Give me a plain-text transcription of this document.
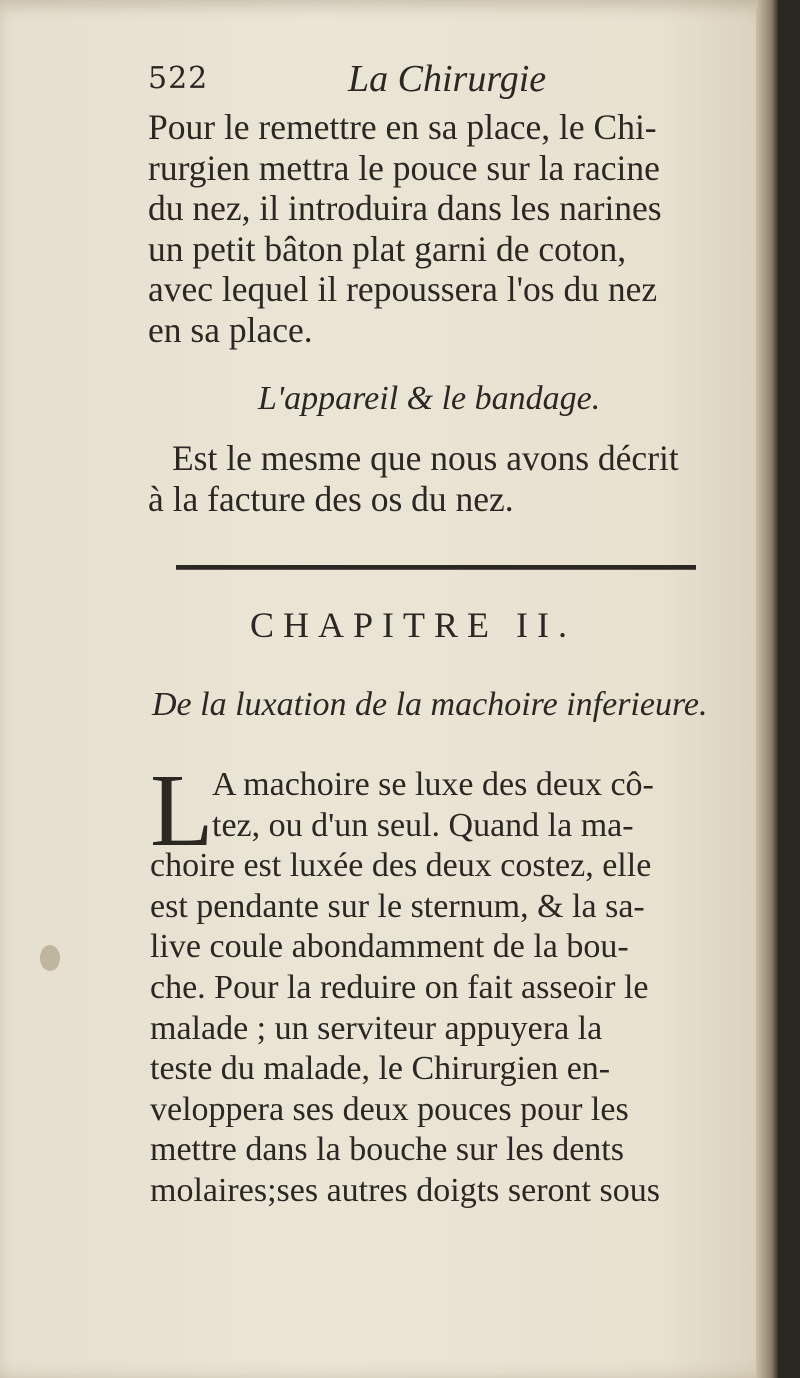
522	La Chirurgie
Pour le remettre en sa place, le Chi-
rurgien mettra le pouce sur la racine
du nez, il introduira dans les narines
un petit bâton plat garni de coton,
avec lequel il repoussera l'os du nez
en sa place.
L'appareil & le bandage.
Est le mesme que nous avons décrit
à la facture des os du nez.
CHAPITRE II.
De la luxation de la machoire inferieure.
L
A machoire se luxe des deux cô-
tez, ou d'un seul. Quand la ma-
choire est luxée des deux costez, elle
est pendante sur le sternum, & la sa-
live coule abondamment de la bou-
che. Pour la reduire on fait asseoir le
malade ; un serviteur appuyera la
teste du malade, le Chirurgien en-
veloppera ses deux pouces pour les
mettre dans la bouche sur les dents
molaires;ses autres doigts seront sous
